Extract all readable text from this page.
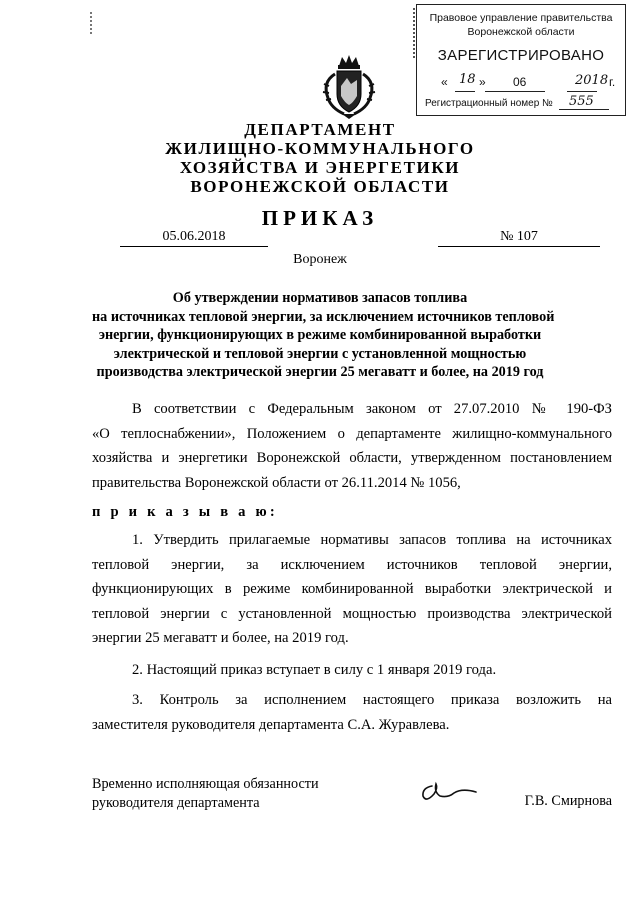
Правовое управление правительства
Воронежской области
ЗАРЕГИСТРИРОВАНО
« 18 » 06	2018 г.
Регистрационный номер № 555
ДЕПАРТАМЕНТ
ЖИЛИЩНО-КОММУНАЛЬНОГО
ХОЗЯЙСТВА И ЭНЕРГЕТИКИ
ВОРОНЕЖСКОЙ ОБЛАСТИ
ПРИКАЗ
05.06.2018	№ 107
Воронеж
Об утверждении нормативов запасов топлива
на источниках тепловой энергии, за исключением источников тепловой
энергии, функционирующих в режиме комбинированной выработки
электрической и тепловой энергии с установленной мощностью
производства электрической энергии 25 мегаватт и более, на 2019 год
В соответствии с Федеральным законом от 27.07.2010 № 190-ФЗ
«О теплоснабжении», Положением о департаменте жилищно-коммунального
хозяйства и энергетики Воронежской области, утвержденном постановлением
правительства Воронежской области от 26.11.2014 № 1056,
п р и к а з ы в а ю:
1. Утвердить прилагаемые нормативы запасов топлива на источниках
тепловой энергии, за исключением источников тепловой энергии,
функционирующих в режиме комбинированной выработки электрической и
тепловой энергии с установленной мощностью производства электрической
энергии 25 мегаватт и более, на 2019 год.
2. Настоящий приказ вступает в силу с 1 января 2019 года.
3. Контроль за исполнением настоящего приказа возложить на
заместителя руководителя департамента С.А. Журавлева.
Временно исполняющая обязанности
руководителя департамента	Г.В. Смирнова
